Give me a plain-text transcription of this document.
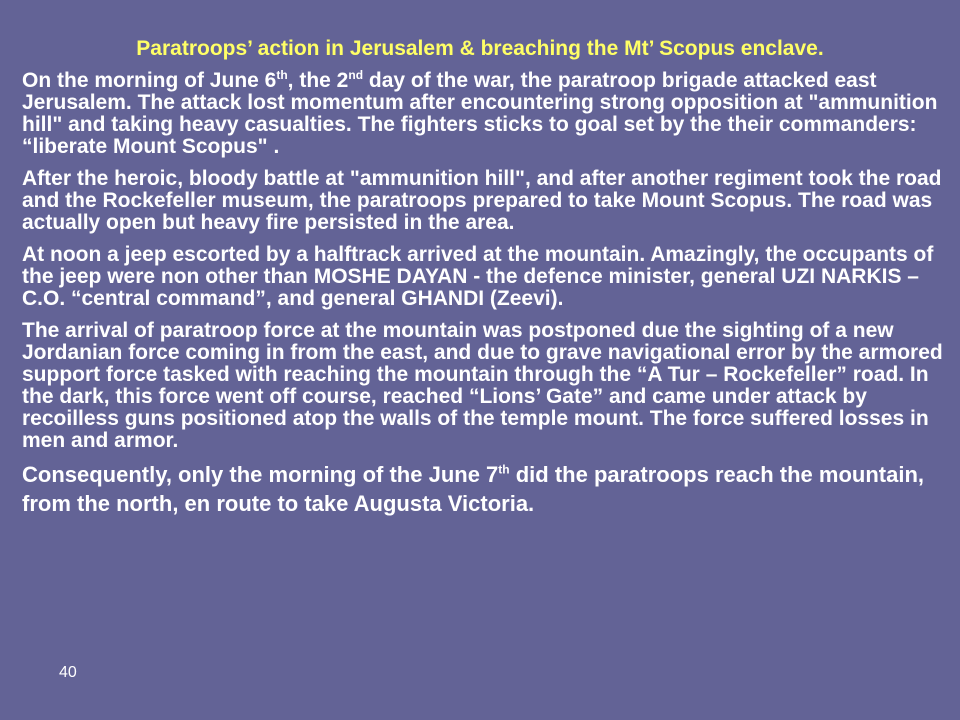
Paratroops’ action in Jerusalem & breaching the Mt’ Scopus enclave.

On the morning of June 6th, the 2nd day of the war, the paratroop brigade attacked east Jerusalem. The attack lost momentum after encountering strong opposition at "ammunition hill" and taking heavy casualties. The fighters sticks to goal set by the their commanders: “liberate Mount Scopus" .

After the heroic, bloody battle at "ammunition hill", and after another regiment took the road and the Rockefeller museum, the paratroops prepared to take Mount Scopus. The road was actually open but heavy fire persisted in the area.

At noon a jeep escorted by a halftrack arrived at the mountain. Amazingly, the occupants of the jeep were non other than MOSHE DAYAN - the defence minister, general UZI NARKIS – C.O. “central command”, and general GHANDI (Zeevi).

The arrival of paratroop force at the mountain was postponed due the sighting of a new Jordanian force coming in from the east, and due to grave navigational error by the armored support force tasked with reaching the mountain through the “A Tur – Rockefeller” road. In the dark, this force went off course, reached “Lions’ Gate” and came under attack by recoilless guns positioned atop the walls of the temple mount. The force suffered losses in men and armor.

Consequently, only the morning of the June 7th did the paratroops reach the mountain, from the north, en route to take Augusta Victoria.

40
